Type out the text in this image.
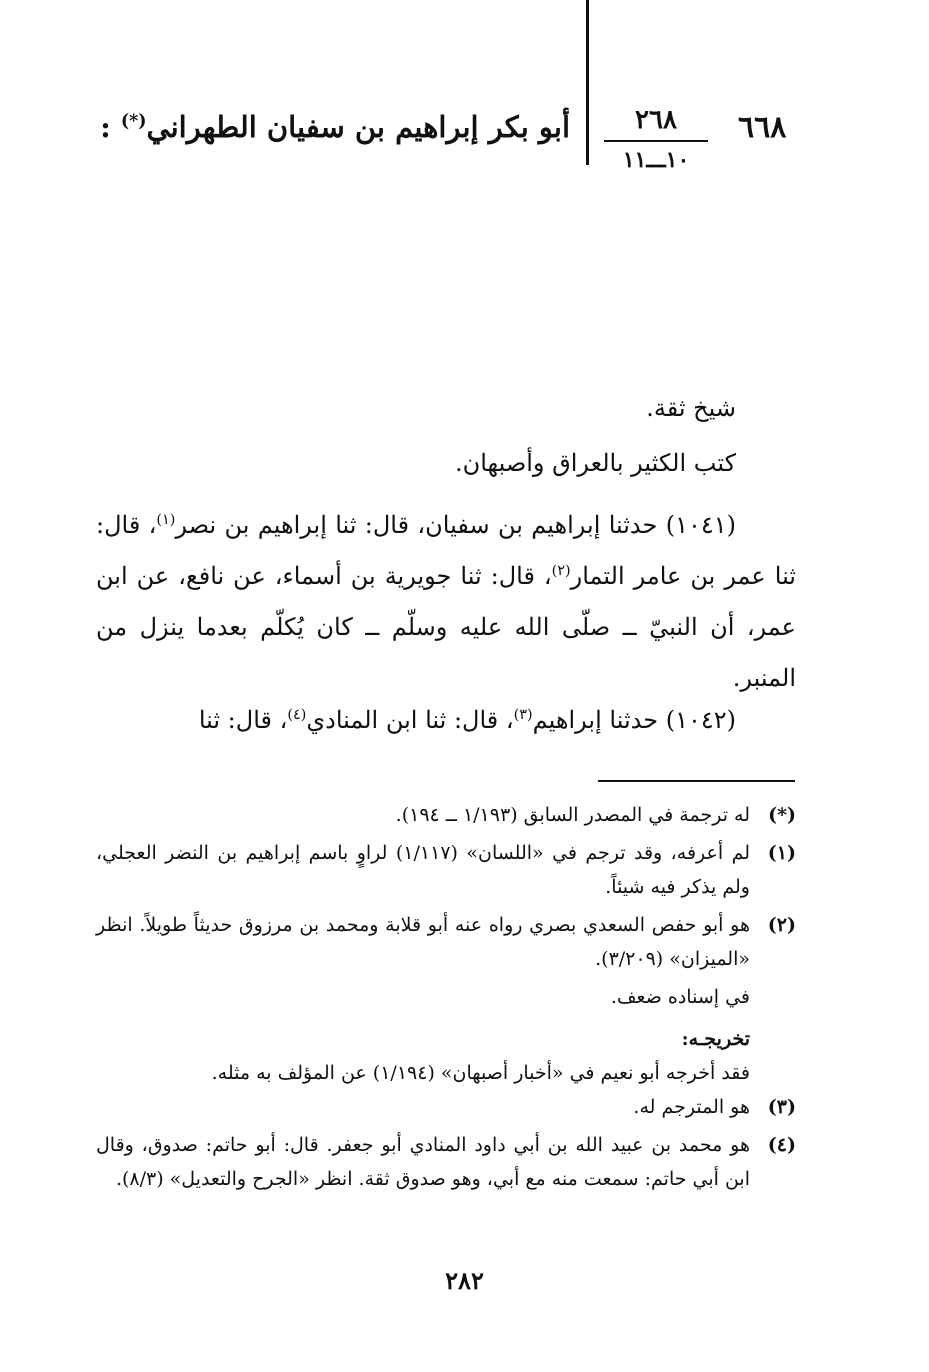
٦٦٨
٢٦٨
١٠ـــ١١
أبو بكر إبراهيم بن سفيان الطهراني(*) :
شيخ ثقة.
كتب الكثير بالعراق وأصبهان.
(١٠٤١) حدثنا إبراهيم بن سفيان، قال: ثنا إبراهيم بن نصر$^{(١)}$، قال: ثنا عمر بن عامر التمار$^{(٢)}$، قال: ثنا جويرية بن أسماء، عن نافع، عن ابن عمر، أن النبيّ ــ صلّى الله عليه وسلّم ــ كان يُكلّم بعدما ينزل من المنبر.
(١٠٤٢) حدثنا إبراهيم$^{(٣)}$، قال: ثنا ابن المنادي$^{(٤)}$، قال: ثنا
(*)
له ترجمة في المصدر السابق (١/١٩٣ ــ ١٩٤).
(١)
لم أعرفه، وقد ترجم في «اللسان» (١/١١٧) لراوٍ باسم إبراهيم بن النضر العجلي، ولم يذكر فيه شيئاً.
(٢)
هو أبو حفص السعدي بصري رواه عنه أبو قلابة ومحمد بن مرزوق حديثاً طويلاً. انظر «الميزان» (٣/٢٠٩).
في إسناده ضعف.
تخريجـه:
فقد أخرجه أبو نعيم في «أخبار أصبهان» (١/١٩٤) عن المؤلف به مثله.
(٣)
هو المترجم له.
(٤)
هو محمد بن عبيد الله بن أبي داود المنادي أبو جعفر. قال: أبو حاتم: صدوق، وقال ابن أبي حاتم: سمعت منه مع أبي، وهو صدوق ثقة. انظر «الجرح والتعديل» (٨/٣).
٢٨٢
